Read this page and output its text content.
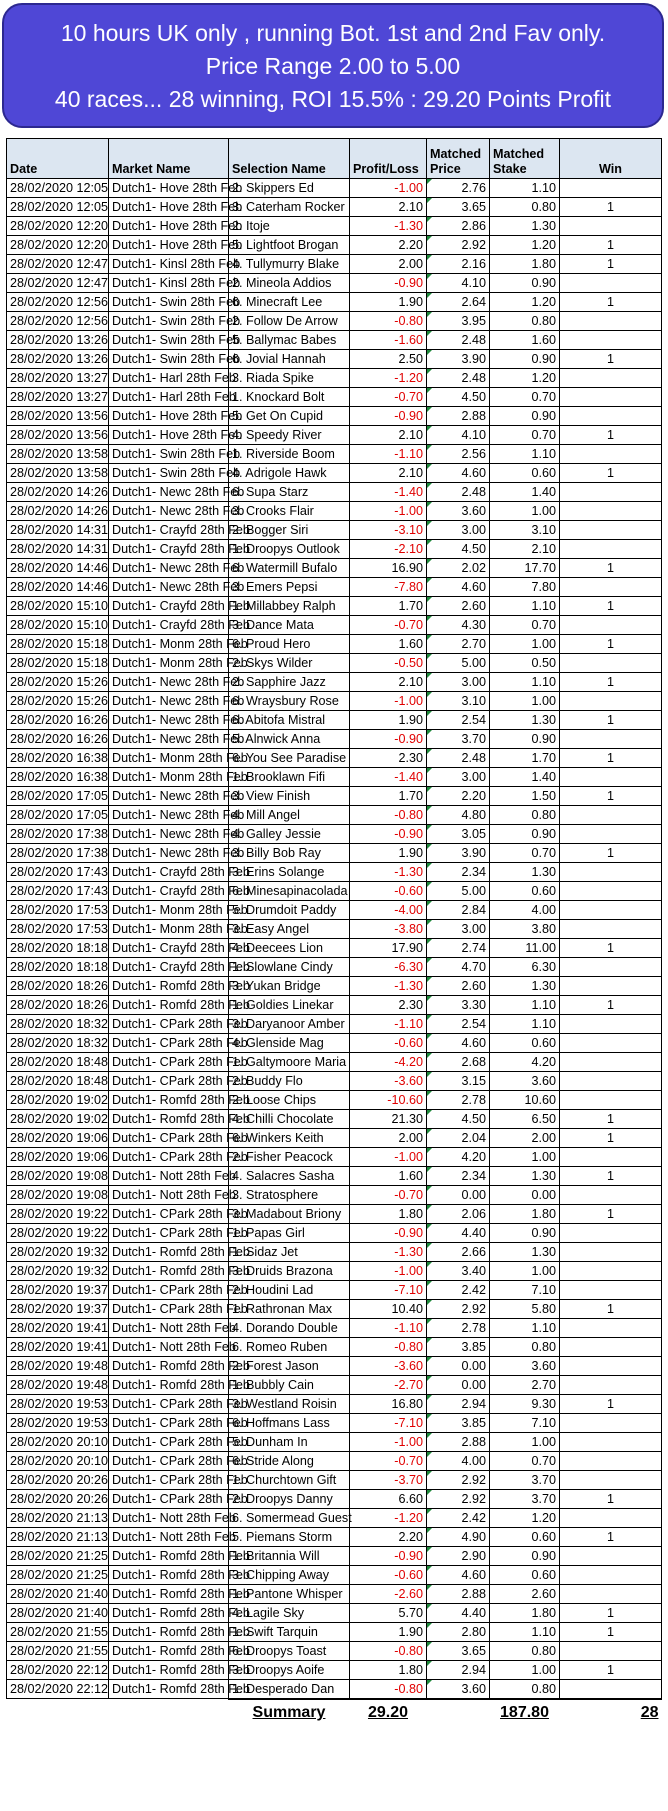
10 hours UK only , running Bot. 1st and 2nd Fav only.
Price Range 2.00 to 5.00
40 races... 28 winning, ROI 15.5% : 29.20 Points Profit
Date	Market Name	Selection Name	Profit/Loss	Matched Price	Matched Stake	Win
28/02/2020 12:05	Dutch1- Hove 28th Feb	2. Skippers Ed	-1.00	2.76	1.10	
28/02/2020 12:05	Dutch1- Hove 28th Feb	3. Caterham Rocker	2.10	3.65	0.80	1
28/02/2020 12:20	Dutch1- Hove 28th Feb	2. Itoje	-1.30	2.86	1.30	
28/02/2020 12:20	Dutch1- Hove 28th Feb	5. Lightfoot Brogan	2.20	2.92	1.20	1
28/02/2020 12:47	Dutch1- Kinsl 28th Feb	4. Tullymurry Blake	2.00	2.16	1.80	1
28/02/2020 12:47	Dutch1- Kinsl 28th Feb	2. Mineola Addios	-0.90	4.10	0.90	
28/02/2020 12:56	Dutch1- Swin 28th Feb	6. Minecraft Lee	1.90	2.64	1.20	1
28/02/2020 12:56	Dutch1- Swin 28th Feb	2. Follow De Arrow	-0.80	3.95	0.80	
28/02/2020 13:26	Dutch1- Swin 28th Feb	5. Ballymac Babes	-1.60	2.48	1.60	
28/02/2020 13:26	Dutch1- Swin 28th Feb	6. Jovial Hannah	2.50	3.90	0.90	1
28/02/2020 13:27	Dutch1- Harl 28th Feb	3. Riada Spike	-1.20	2.48	1.20	
28/02/2020 13:27	Dutch1- Harl 28th Feb	1. Knockard Bolt	-0.70	4.50	0.70	
28/02/2020 13:56	Dutch1- Hove 28th Feb	5. Get On Cupid	-0.90	2.88	0.90	
28/02/2020 13:56	Dutch1- Hove 28th Feb	4. Speedy River	2.10	4.10	0.70	1
28/02/2020 13:58	Dutch1- Swin 28th Feb	1. Riverside Boom	-1.10	2.56	1.10	
28/02/2020 13:58	Dutch1- Swin 28th Feb	4. Adrigole Hawk	2.10	4.60	0.60	1
28/02/2020 14:26	Dutch1- Newc 28th Feb	6. Supa Starz	-1.40	2.48	1.40	
28/02/2020 14:26	Dutch1- Newc 28th Feb	3. Crooks Flair	-1.00	3.60	1.00	
28/02/2020 14:31	Dutch1- Crayfd 28th Feb	2. Bogger Siri	-3.10	3.00	3.10	
28/02/2020 14:31	Dutch1- Crayfd 28th Feb	1. Droopys Outlook	-2.10	4.50	2.10	
28/02/2020 14:46	Dutch1- Newc 28th Feb	6. Watermill Bufalo	16.90	2.02	17.70	1
28/02/2020 14:46	Dutch1- Newc 28th Feb	3. Emers Pepsi	-7.80	4.60	7.80	
28/02/2020 15:10	Dutch1- Crayfd 28th Feb	1. Millabbey Ralph	1.70	2.60	1.10	1
28/02/2020 15:10	Dutch1- Crayfd 28th Feb	3. Dance Mata	-0.70	4.30	0.70	
28/02/2020 15:18	Dutch1- Monm 28th Feb	6. Proud Hero	1.60	2.70	1.00	1
28/02/2020 15:18	Dutch1- Monm 28th Feb	2. Skys Wilder	-0.50	5.00	0.50	
28/02/2020 15:26	Dutch1- Newc 28th Feb	2. Sapphire Jazz	2.10	3.00	1.10	1
28/02/2020 15:26	Dutch1- Newc 28th Feb	6. Wraysbury Rose	-1.00	3.10	1.00	
28/02/2020 16:26	Dutch1- Newc 28th Feb	6. Abitofa Mistral	1.90	2.54	1.30	1
28/02/2020 16:26	Dutch1- Newc 28th Feb	5. Alnwick Anna	-0.90	3.70	0.90	
28/02/2020 16:38	Dutch1- Monm 28th Feb	6. You See Paradise	2.30	2.48	1.70	1
28/02/2020 16:38	Dutch1- Monm 28th Feb	1. Brooklawn Fifi	-1.40	3.00	1.40	
28/02/2020 17:05	Dutch1- Newc 28th Feb	3. View Finish	1.70	2.20	1.50	1
28/02/2020 17:05	Dutch1- Newc 28th Feb	4. Mill Angel	-0.80	4.80	0.80	
28/02/2020 17:38	Dutch1- Newc 28th Feb	4. Galley Jessie	-0.90	3.05	0.90	
28/02/2020 17:38	Dutch1- Newc 28th Feb	3. Billy Bob Ray	1.90	3.90	0.70	1
28/02/2020 17:43	Dutch1- Crayfd 28th Feb	3. Erins Solange	-1.30	2.34	1.30	
28/02/2020 17:43	Dutch1- Crayfd 28th Feb	6. Minesapinacolada	-0.60	5.00	0.60	
28/02/2020 17:53	Dutch1- Monm 28th Feb	5. Drumdoit Paddy	-4.00	2.84	4.00	
28/02/2020 17:53	Dutch1- Monm 28th Feb	3. Easy Angel	-3.80	3.00	3.80	
28/02/2020 18:18	Dutch1- Crayfd 28th Feb	4. Deecees Lion	17.90	2.74	11.00	1
28/02/2020 18:18	Dutch1- Crayfd 28th Feb	1. Slowlane Cindy	-6.30	4.70	6.30	
28/02/2020 18:26	Dutch1- Romfd 28th Feb	3. Yukan Bridge	-1.30	2.60	1.30	
28/02/2020 18:26	Dutch1- Romfd 28th Feb	1. Goldies Linekar	2.30	3.30	1.10	1
28/02/2020 18:32	Dutch1- CPark 28th Feb	3. Daryanoor Amber	-1.10	2.54	1.10	
28/02/2020 18:32	Dutch1- CPark 28th Feb	4. Glenside Mag	-0.60	4.60	0.60	
28/02/2020 18:48	Dutch1- CPark 28th Feb	1. Galtymoore Maria	-4.20	2.68	4.20	
28/02/2020 18:48	Dutch1- CPark 28th Feb	2. Buddy Flo	-3.60	3.15	3.60	
28/02/2020 19:02	Dutch1- Romfd 28th Feb	2. Loose Chips	-10.60	2.78	10.60	
28/02/2020 19:02	Dutch1- Romfd 28th Feb	4. Chilli Chocolate	21.30	4.50	6.50	1
28/02/2020 19:06	Dutch1- CPark 28th Feb	6. Winkers Keith	2.00	2.04	2.00	1
28/02/2020 19:06	Dutch1- CPark 28th Feb	2. Fisher Peacock	-1.00	4.20	1.00	
28/02/2020 19:08	Dutch1- Nott 28th Feb	4. Salacres Sasha	1.60	2.34	1.30	1
28/02/2020 19:08	Dutch1- Nott 28th Feb	3. Stratosphere	-0.70	0.00	0.00	
28/02/2020 19:22	Dutch1- CPark 28th Feb	3. Madabout Briony	1.80	2.06	1.80	1
28/02/2020 19:22	Dutch1- CPark 28th Feb	1. Papas Girl	-0.90	4.40	0.90	
28/02/2020 19:32	Dutch1- Romfd 28th Feb	1. Sidaz Jet	-1.30	2.66	1.30	
28/02/2020 19:32	Dutch1- Romfd 28th Feb	3. Druids Brazona	-1.00	3.40	1.00	
28/02/2020 19:37	Dutch1- CPark 28th Feb	2. Houdini Lad	-7.10	2.42	7.10	
28/02/2020 19:37	Dutch1- CPark 28th Feb	1. Rathronan Max	10.40	2.92	5.80	1
28/02/2020 19:41	Dutch1- Nott 28th Feb	4. Dorando Double	-1.10	2.78	1.10	
28/02/2020 19:41	Dutch1- Nott 28th Feb	6. Romeo Ruben	-0.80	3.85	0.80	
28/02/2020 19:48	Dutch1- Romfd 28th Feb	2. Forest Jason	-3.60	0.00	3.60	
28/02/2020 19:48	Dutch1- Romfd 28th Feb	1. Bubbly Cain	-2.70	0.00	2.70	
28/02/2020 19:53	Dutch1- CPark 28th Feb	3. Westland Roisin	16.80	2.94	9.30	1
28/02/2020 19:53	Dutch1- CPark 28th Feb	6. Hoffmans Lass	-7.10	3.85	7.10	
28/02/2020 20:10	Dutch1- CPark 28th Feb	5. Dunham In	-1.00	2.88	1.00	
28/02/2020 20:10	Dutch1- CPark 28th Feb	6. Stride Along	-0.70	4.00	0.70	
28/02/2020 20:26	Dutch1- CPark 28th Feb	1. Churchtown Gift	-3.70	2.92	3.70	
28/02/2020 20:26	Dutch1- CPark 28th Feb	2. Droopys Danny	6.60	2.92	3.70	1
28/02/2020 21:13	Dutch1- Nott 28th Feb	6. Somermead Guest	-1.20	2.42	1.20	
28/02/2020 21:13	Dutch1- Nott 28th Feb	5. Piemans Storm	2.20	4.90	0.60	1
28/02/2020 21:25	Dutch1- Romfd 28th Feb	1. Britannia Will	-0.90	2.90	0.90	
28/02/2020 21:25	Dutch1- Romfd 28th Feb	3. Chipping Away	-0.60	4.60	0.60	
28/02/2020 21:40	Dutch1- Romfd 28th Feb	1. Pantone Whisper	-2.60	2.88	2.60	
28/02/2020 21:40	Dutch1- Romfd 28th Feb	4. Lagile Sky	5.70	4.40	1.80	1
28/02/2020 21:55	Dutch1- Romfd 28th Feb	1. Swift Tarquin	1.90	2.80	1.10	1
28/02/2020 21:55	Dutch1- Romfd 28th Feb	6. Droopys Toast	-0.80	3.65	0.80	
28/02/2020 22:12	Dutch1- Romfd 28th Feb	3. Droopys Aoife	1.80	2.94	1.00	1
28/02/2020 22:12	Dutch1- Romfd 28th Feb	1. Desperado Dan	-0.80	3.60	0.80	
		Summary	29.20		187.80	28
